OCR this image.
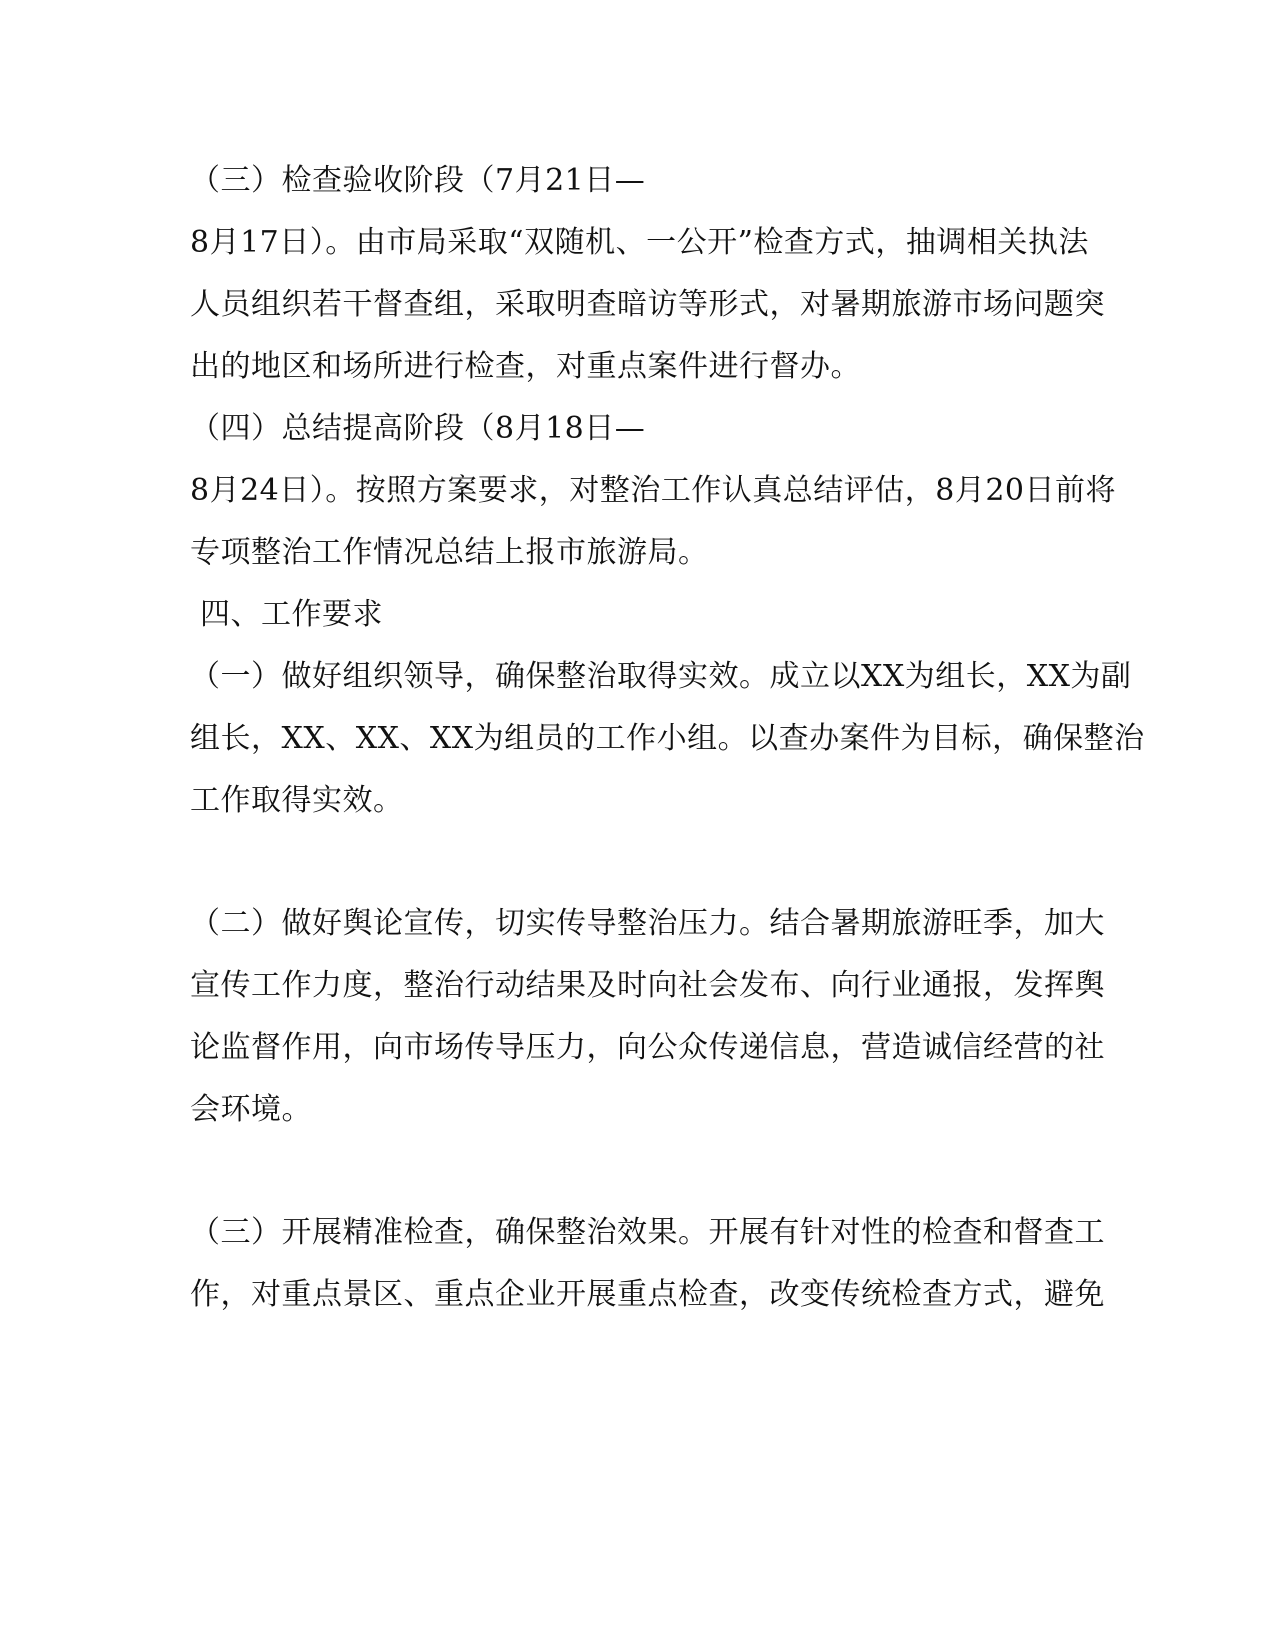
（三）检查验收阶段（7月21日—
8月17日）。由市局采取“双随机、一公开”检查方式，抽调相关执法
人员组织若干督查组，采取明查暗访等形式，对暑期旅游市场问题突
出的地区和场所进行检查，对重点案件进行督办。
（四）总结提高阶段（8月18日—
8月24日）。按照方案要求，对整治工作认真总结评估，8月20日前将
专项整治工作情况总结上报市旅游局。
四、工作要求
（一）做好组织领导，确保整治取得实效。成立以XX为组长，XX为副
组长，XX、XX、XX为组员的工作小组。以查办案件为目标，确保整治
工作取得实效。
（二）做好舆论宣传，切实传导整治压力。结合暑期旅游旺季，加大
宣传工作力度，整治行动结果及时向社会发布、向行业通报，发挥舆
论监督作用，向市场传导压力，向公众传递信息，营造诚信经营的社
会环境。
（三）开展精准检查，确保整治效果。开展有针对性的检查和督查工
作，对重点景区、重点企业开展重点检查，改变传统检查方式，避免
